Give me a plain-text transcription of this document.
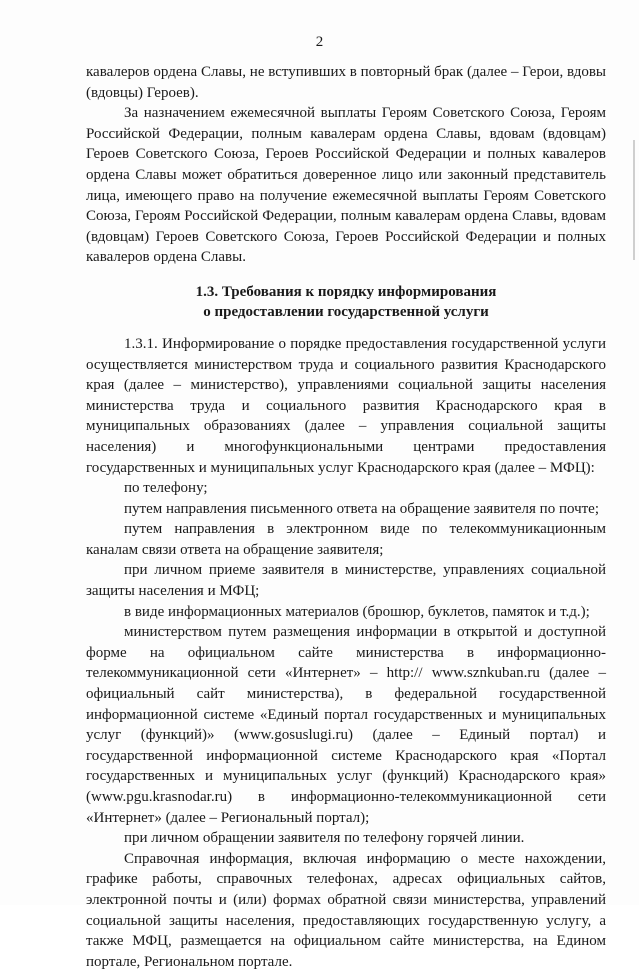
2

кавалеров ордена Славы, не вступивших в повторный брак (далее – Герои, вдовы (вдовцы) Героев).

За назначением ежемесячной выплаты Героям Советского Союза, Героям Российской Федерации, полным кавалерам ордена Славы, вдовам (вдовцам) Героев Советского Союза, Героев Российской Федерации и полных кавалеров ордена Славы может обратиться доверенное лицо или законный представитель лица, имеющего право на получение ежемесячной выплаты Героям Советского Союза, Героям Российской Федерации, полным кавалерам ордена Славы, вдовам (вдовцам) Героев Советского Союза, Героев Российской Федерации и полных кавалеров ордена Славы.

1.3. Требования к порядку информирования
о предоставлении государственной услуги

1.3.1. Информирование о порядке предоставления государственной услуги осуществляется министерством труда и социального развития Краснодарского края (далее – министерство), управлениями социальной защиты населения министерства труда и социального развития Краснодарского края в муниципальных образованиях (далее – управления социальной защиты населения) и многофункциональными центрами предоставления государственных и муниципальных услуг Краснодарского края (далее – МФЦ):

по телефону;

путем направления письменного ответа на обращение заявителя по почте;

путем направления в электронном виде по телекоммуникационным каналам связи ответа на обращение заявителя;

при личном приеме заявителя в министерстве, управлениях социальной защиты населения и МФЦ;

в виде информационных материалов (брошюр, буклетов, памяток и т.д.);

министерством путем размещения информации в открытой и доступной форме на официальном сайте министерства в информационно-телекоммуникационной сети «Интернет» – http:// www.sznkuban.ru (далее – официальный сайт министерства), в федеральной государственной информационной системе «Единый портал государственных и муниципальных услуг (функций)» (www.gosuslugi.ru) (далее – Единый портал) и государственной информационной системе Краснодарского края «Портал государственных и муниципальных услуг (функций) Краснодарского края» (www.pgu.krasnodar.ru) в информационно-телекоммуникационной сети «Интернет» (далее – Региональный портал);

при личном обращении заявителя по телефону горячей линии.

Справочная информация, включая информацию о месте нахождении, графике работы, справочных телефонах, адресах официальных сайтов, электронной почты и (или) формах обратной связи министерства, управлений социальной защиты населения, предоставляющих государственную услугу, а также МФЦ, размещается на официальном сайте министерства, на Едином портале, Региональном портале.
